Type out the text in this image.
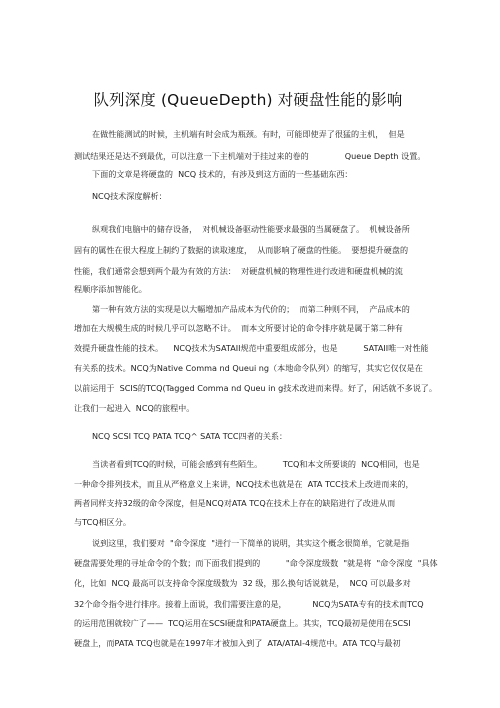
队列深度 (QueueDepth) 对硬盘性能的影响
在做性能测试的时候，主机端有时会成为瓶颈。有时，可能即使弄了很猛的主机，  但是
测试结果还是达不到最优，可以注意一下主机端对于挂过来的卷的              Queue Depth 设置。
下面的文章是将硬盘的  NCQ 技术的，有涉及到这方面的一些基础东西：
NCQ技术深度解析：
纵观我们电脑中的储存设备，  对机械设备驱动性能要求最强的当属硬盘了。  机械设备所
固有的属性在很大程度上制约了数据的读取速度，  从而影响了硬盘的性能。  要想提升硬盘的
性能，我们通常会想到两个最为有效的方法：  对硬盘机械的物理性进行改进和硬盘机械的流
程顺序添加智能化。
第一种有效方法的实现是以大幅增加产品成本为代价的；  而第二种则不同，  产品成本的
增加在大规模生成的时候几乎可以忽略不计。  而本文所要讨论的命令排序就是属于第二种有
效提升硬盘性能的技术。    NCQ技术为SATAII规范中重要组成部分，也是          SATAII唯一对性能
有关系的技术。NCQ为Native Comma nd Queui ng（本地命令队列）的缩写，其实它仅仅是在
以前运用于  SCIS的TCQ(Tagged Comma nd Queu in g技术改进而来得。好了，闲话就不多说了。
让我们一起进入  NCQ的旅程中。
NCQ SCSI TCQ PATA TCQ^ SATA TCC四者的关系：
当读者看到TCQ的时候，可能会感到有些陌生。        TCQ和本文所要谈的  NCQ相同，也是
一种命令排列技术，而且从严格意义上来讲，NCQ技术也就是在  ATA TCC技术上改进而来的，
两者同样支持32级的命令深度，但是NCQ对ATA TCQ在技术上存在的缺陷进行了改进从而
与TCQ相区分。
说到这里，我们要对  "命令深度  "进行一下简单的说明，其实这个概念很简单，它就是指
硬盘需要处理的寻址命令的个数；而下面我们提到的          "命令深度级数  "就是将  "命令深度  "具体
化，比如  NCQ 最高可以支持命令深度级数为  32 级，那么换句话说就是，  NCQ 可以最多对
32个命令指令进行排序。接着上面说，我们需要注意的是，          NCQ为SATA专有的技术而TCQ
的运用范围就较广了——  TCQ运用在SCSI硬盘和PATA硬盘上。其实，TCQ最初是使用在SCSI
硬盘上，而PATA TCQ也就是在1997年才被加入到了  ATA/ATAI-4规范中。ATA TCQ与最初
